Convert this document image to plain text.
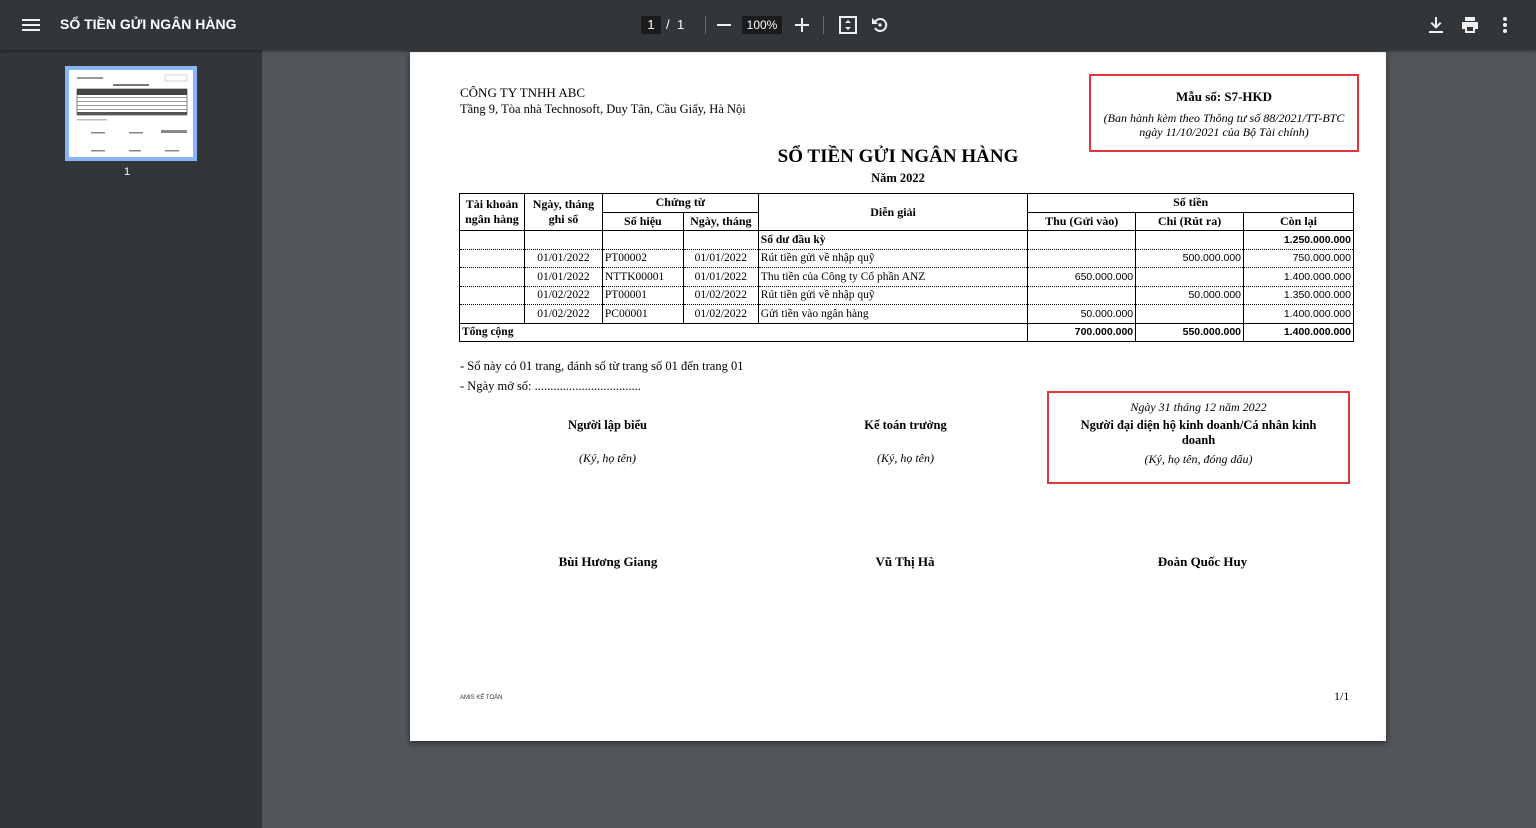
SỔ TIỀN GỬI NGÂN HÀNG	1 / 1	100%
1
CÔNG TY TNHH ABC
Tầng 9, Tòa nhà Technosoft, Duy Tân, Cầu Giấy, Hà Nội
Mẫu số: S7-HKD
(Ban hành kèm theo Thông tư số 88/2021/TT-BTC ngày 11/10/2021 của Bộ Tài chính)
SỔ TIỀN GỬI NGÂN HÀNG
Năm 2022
Tài khoản ngân hàng	Ngày, tháng ghi sổ	Chứng từ		Diễn giải	Số tiền		
		Số hiệu	Ngày, tháng		Thu (Gửi vào)	Chi (Rút ra)	Còn lại
				Số dư đầu kỳ			1.250.000.000
	01/01/2022	PT00002	01/01/2022	Rút tiền gửi về nhập quỹ		500.000.000	750.000.000
	01/01/2022	NTTK00001	01/01/2022	Thu tiền của Công ty Cổ phần ANZ	650.000.000		1.400.000.000
	01/02/2022	PT00001	01/02/2022	Rút tiền gửi về nhập quỹ		50.000.000	1.350.000.000
	01/02/2022	PC00001	01/02/2022	Gửi tiền vào ngân hàng	50.000.000		1.400.000.000
Tổng cộng					700.000.000	550.000.000	1.400.000.000
- Sổ này có 01 trang, đánh số từ trang số 01 đến trang 01
- Ngày mở sổ: ..................................
Người lập biểu
(Ký, họ tên)
Kế toán trưởng
(Ký, họ tên)
Ngày 31 tháng 12 năm 2022
Người đại diện hộ kinh doanh/Cá nhân kinh doanh
(Ký, họ tên, đóng dấu)
Bùi Hương Giang	Vũ Thị Hà	Đoàn Quốc Huy
AMIS KẾ TOÁN	1/1
